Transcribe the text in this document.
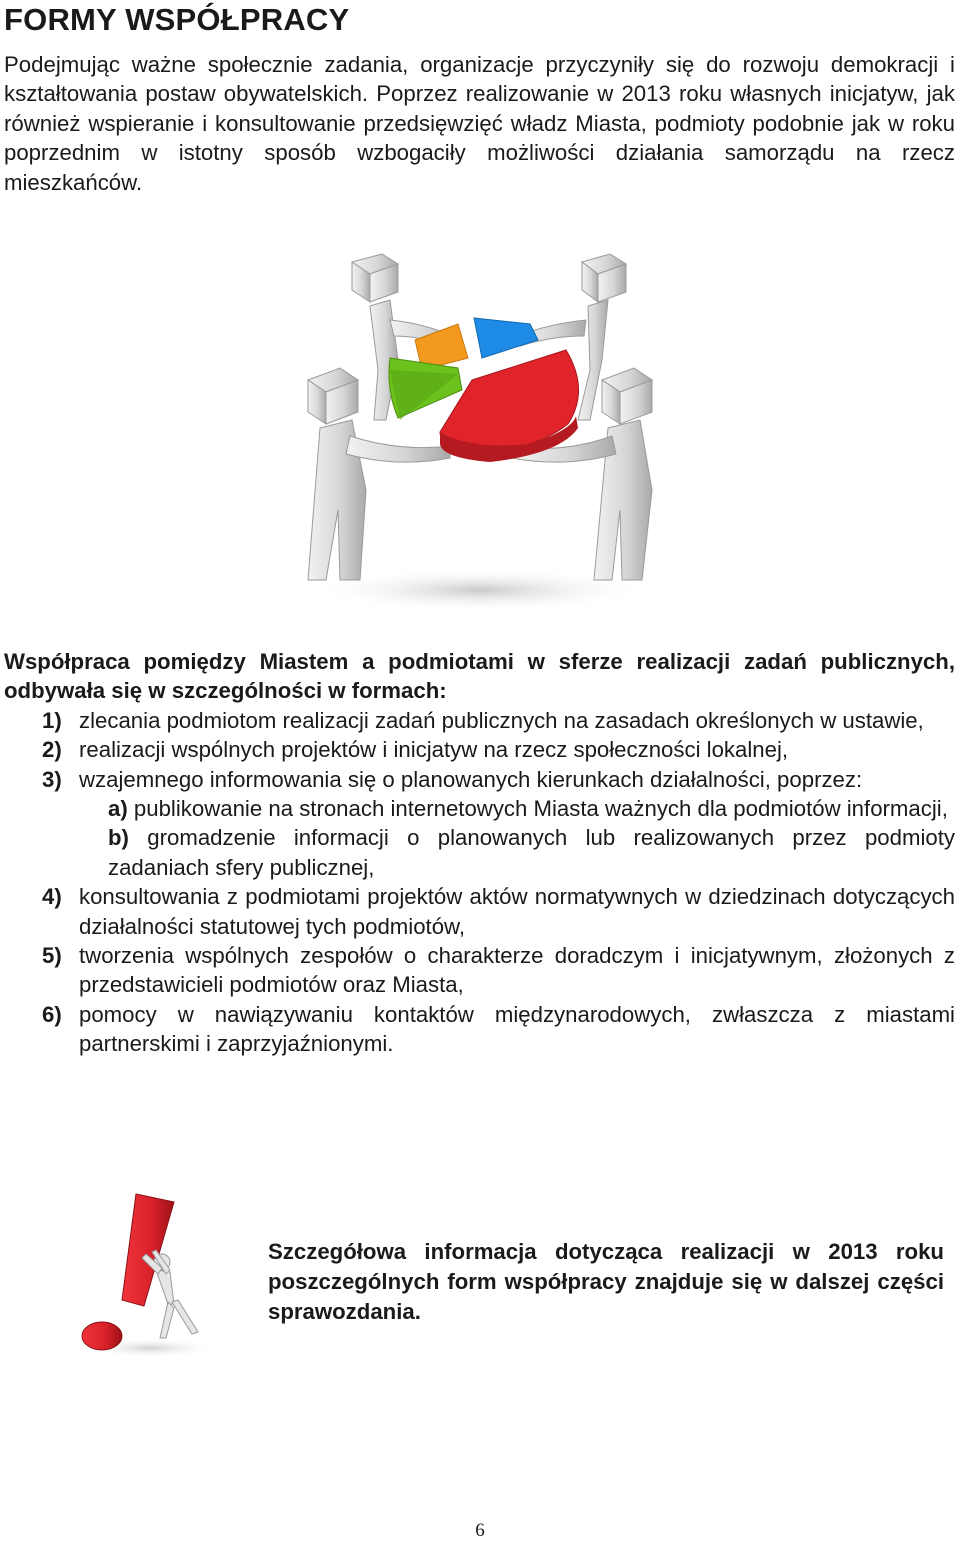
FORMY WSPÓŁPRACY

Podejmując ważne społecznie zadania, organizacje przyczyniły się do rozwoju demokracji i kształtowania postaw obywatelskich. Poprzez realizowanie w 2013 roku własnych inicjatyw, jak również wspieranie i konsultowanie przedsięwzięć władz Miasta, podmioty podobnie jak w roku poprzednim w istotny sposób wzbogaciły możliwości działania samorządu na rzecz mieszkańców.

Współpraca pomiędzy Miastem a podmiotami w sferze realizacji zadań publicznych, odbywała się w szczególności w formach:

1) zlecania podmiotom realizacji zadań publicznych na zasadach określonych w ustawie,
2) realizacji wspólnych projektów i inicjatyw na rzecz społeczności lokalnej,
3) wzajemnego informowania się o planowanych kierunkach działalności, poprzez:
a) publikowanie na stronach internetowych Miasta ważnych dla podmiotów informacji,
b) gromadzenie informacji o planowanych lub realizowanych przez podmioty zadaniach sfery publicznej,
4) konsultowania z podmiotami projektów aktów normatywnych w dziedzinach dotyczących działalności statutowej tych podmiotów,
5) tworzenia wspólnych zespołów o charakterze doradczym i inicjatywnym, złożonych z przedstawicieli podmiotów oraz Miasta,
6) pomocy w nawiązywaniu kontaktów międzynarodowych, zwłaszcza z miastami partnerskimi i zaprzyjaźnionymi.

Szczegółowa informacja dotycząca realizacji w 2013 roku poszczególnych form współpracy znajduje się w dalszej części sprawozdania.

6
